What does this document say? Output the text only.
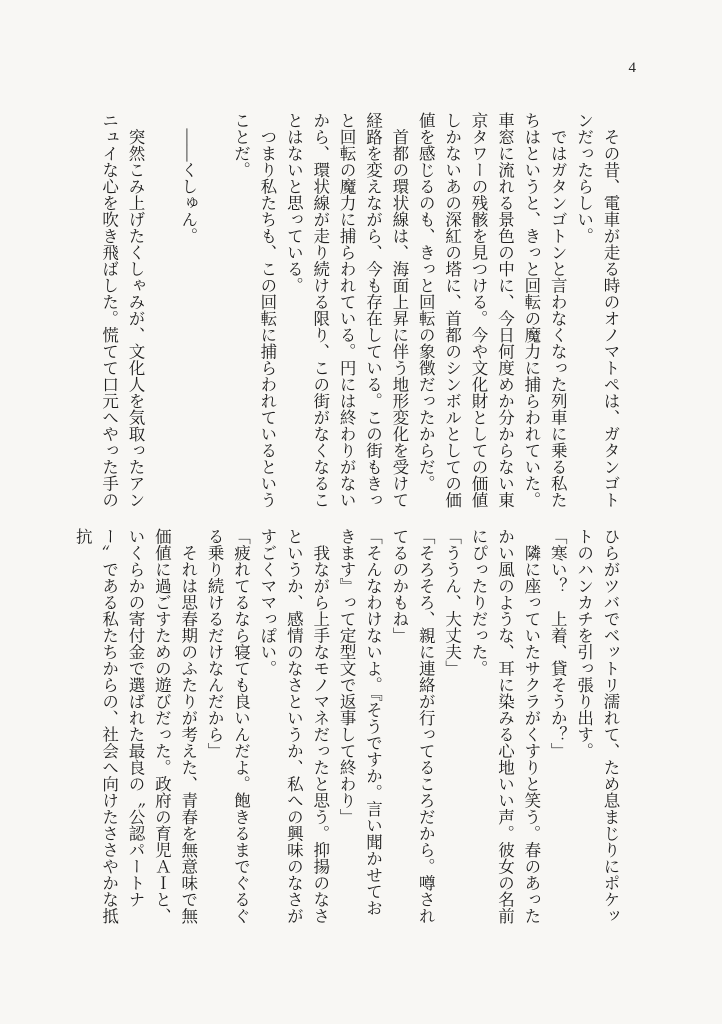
4

　その昔、電車が走る時のオノマトペは、ガタンゴトンだったらしい。

　ではガタンゴトンと言わなくなった列車に乗る私たちはというと、きっと回転の魔力に捕らわれていた。車窓に流れる景色の中に、今日何度めか分からない東京タワーの残骸を見つける。今や文化財としての価値しかないあの深紅の塔に、首都のシンボルとしての価値を感じるのも、きっと回転の象徴だったからだ。

　首都の環状線は、海面上昇に伴う地形変化を受けて経路を変えながら、今も存在している。この街もきっと回転の魔力に捕らわれている。円には終わりがないから、環状線が走り続ける限り、この街がなくなることはないと思っている。

　つまり私たちも、この回転に捕らわれているということだ。

　――くしゅん。

　突然こみ上げたくしゃみが、文化人を気取ったアンニュイな心を吹き飛ばした。慌てて口元へやった手の

ひらがツバでベットリ濡れて、ため息まじりにポケットのハンカチを引っ張り出す。

「寒い？　上着、貸そうか？」

　隣に座っていたサクラがくすりと笑う。春のあったかい風のような、耳に染みる心地いい声。彼女の名前にぴったりだった。

「ううん、大丈夫」

「そろそろ、親に連絡が行ってるころだから。噂されてるのかもね」

「そんなわけないよ。『そうですか。言い聞かせておきます』って定型文で返事して終わり」

　我ながら上手なモノマネだったと思う。抑揚のなさというか、感情のなさというか、私への興味のなさがすごくママっぽい。

「疲れてるなら寝ても良いんだよ。飽きるまでぐるぐる乗り続けるだけなんだから」

　それは思春期のふたりが考えた、青春を無意味で無価値に過ごすための遊びだった。政府の育児ＡＩと、いくらかの寄付金で選ばれた最良の〝公認パートナー〟である私たちからの、社会へ向けたささやかな抵抗
